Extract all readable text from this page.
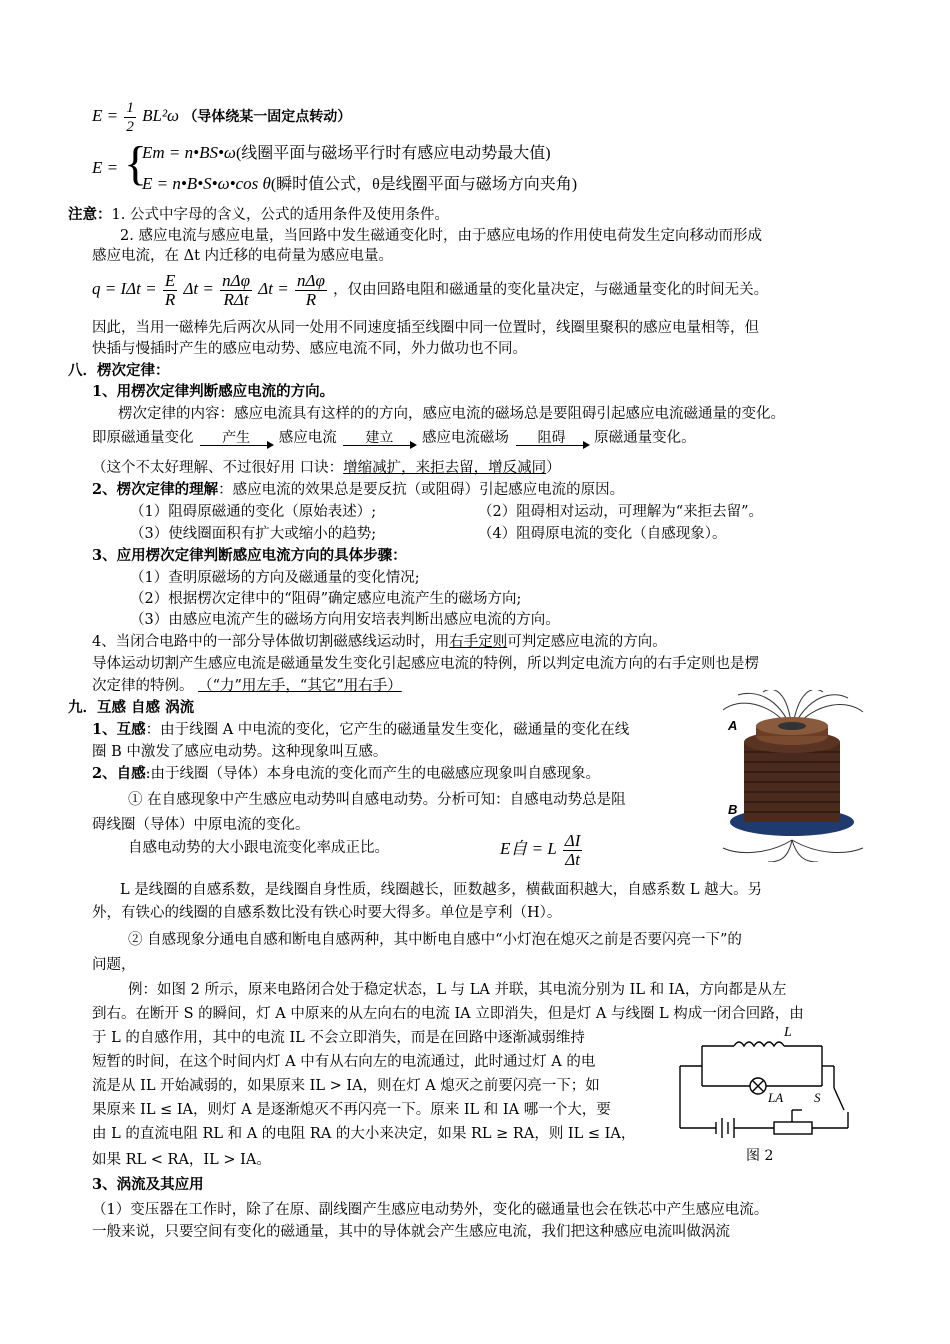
$E = \frac{1}{2} BL^2\omega$ （导体绕某一固定点转动）
E = {
Em = n•BS•ω(线圈平面与磁场平行时有感应电动势最大值)
E = n•B•S•ω•cos θ(瞬时值公式，θ是线圈平面与磁场方向夹角)
注意：1. 公式中字母的含义，公式的适用条件及使用条件。
2. 感应电流与感应电量，当回路中发生磁通变化时，由于感应电场的作用使电荷发生定向移动而形成
感应电流，在 Δt 内迁移的电荷量为感应电量。
$q = I\Delta t = \frac{E}{R}$ $\Delta t = \frac{\text{nΔφ}}{\text{RΔt}}$ $\Delta t = \frac{\text{nΔφ}}{R}$ ，仅由回路电阻和磁通量的变化量决定，与磁通量变化的时间无关。
因此，当用一磁棒先后两次从同一处用不同速度插至线圈中同一位置时，线圈里聚积的感应电量相等，但
快插与慢插时产生的感应电动势、感应电流不同，外力做功也不同。
八．楞次定律：
1、用楞次定律判断感应电流的方向。
楞次定律的内容：感应电流具有这样的的方向，感应电流的磁场总是要阻碍引起感应电流磁通量的变化。
即原磁通量变化	产生	感应电流	建立	感应电流磁场	阻碍	原磁通量变化。
（这个不太好理解、不过很好用 口诀：增缩减扩，来拒去留，增反减同）
2、楞次定律的理解：感应电流的效果总是要反抗（或阻碍）引起感应电流的原因。
（1）阻碍原磁通的变化（原始表述）;	（2）阻碍相对运动，可理解为“来拒去留”。
（3）使线圈面积有扩大或缩小的趋势;	（4）阻碍原电流的变化（自感现象）。
3、应用楞次定律判断感应电流方向的具体步骤：
（1）查明原磁场的方向及磁通量的变化情况;
（2）根据楞次定律中的“阻碍”确定感应电流产生的磁场方向;
（3）由感应电流产生的磁场方向用安培表判断出感应电流的方向。
4、当闭合电路中的一部分导体做切割磁感线运动时，用右手定则可判定感应电流的方向。
导体运动切割产生感应电流是磁通量发生变化引起感应电流的特例，所以判定电流方向的右手定则也是楞
次定律的特例。 （“力”用左手，“其它”用右手）
九．互感 自感 涡流
1、互感：由于线圈 A 中电流的变化，它产生的磁通量发生变化，磁通量的变化在线
圈 B 中激发了感应电动势。这种现象叫互感。
2、自感:由于线圈（导体）本身电流的变化而产生的电磁感应现象叫自感现象。
① 在自感现象中产生感应电动势叫自感电动势。分析可知：自感电动势总是阻
碍线圈（导体）中原电流的变化。
自感电动势的大小跟电流变化率成正比。	E自 = L $\frac{\Delta I}{\Delta t}$
A
B
L 是线圈的自感系数，是线圈自身性质，线圈越长，匝数越多，横截面积越大，自感系数 L 越大。另
外，有铁心的线圈的自感系数比没有铁心时要大得多。单位是亨利（H）。
② 自感现象分通电自感和断电自感两种，其中断电自感中“小灯泡在熄灭之前是否要闪亮一下”的
问题，
例：如图 2 所示，原来电路闭合处于稳定状态，L 与 LA 并联，其电流分别为 IL 和 IA，方向都是从左
到右。在断开 S 的瞬间，灯 A 中原来的从左向右的电流 IA 立即消失，但是灯 A 与线圈 L 构成一闭合回路，由
于 L 的自感作用，其中的电流 IL 不会立即消失，而是在回路中逐渐减弱维持
短暂的时间，在这个时间内灯 A 中有从右向左的电流通过，此时通过灯 A 的电
流是从 IL 开始减弱的，如果原来 IL > IA，则在灯 A 熄灭之前要闪亮一下；如
果原来 IL ≤ IA，则灯 A 是逐渐熄灭不再闪亮一下。原来 IL 和 IA 哪一个大，要
由 L 的直流电阻 RL 和 A 的电阻 RA 的大小来决定，如果 RL ≥ RA，则 IL ≤ IA，
如果 RL < RA，IL > IA。
L
LA S
图 2
3、涡流及其应用
（1）变压器在工作时，除了在原、副线圈产生感应电动势外，变化的磁通量也会在铁芯中产生感应电流。
一般来说，只要空间有变化的磁通量，其中的导体就会产生感应电流，我们把这种感应电流叫做涡流
